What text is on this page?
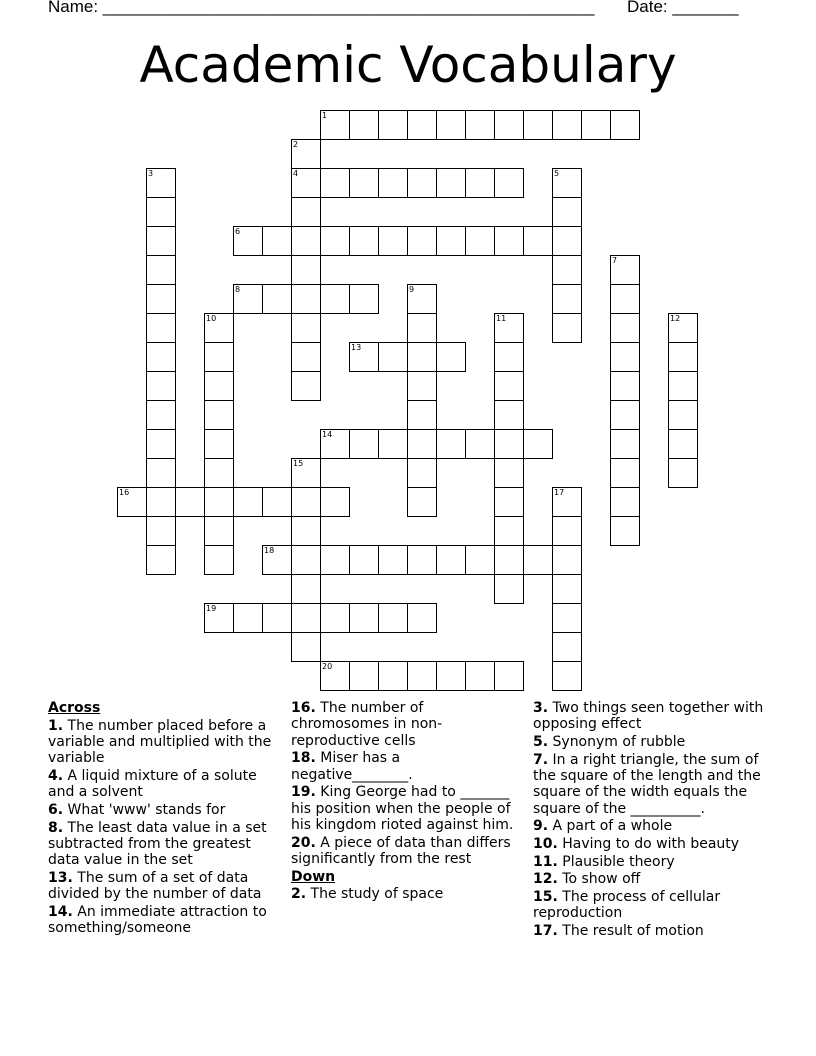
Name: ____________________________________________________ Date: _______
Academic Vocabulary
1
2
4
3	5
6
7
8	9
10	11	12
13
14
15
16	17
18
19
20
Across
1. The number placed before a variable and multiplied with the variable
4. A liquid mixture of a solute and a solvent
6. What 'www' stands for
8. The least data value in a set subtracted from the greatest data value in the set
13. The sum of a set of data divided by the number of data
14. An immediate attraction to something/someone
16. The number of chromosomes in non-reproductive cells
18. Miser has a negative________.
19. King George had to _______ his position when the people of his kingdom rioted against him.
20. A piece of data than differs significantly from the rest
Down
2. The study of space
3. Two things seen together with opposing effect
5. Synonym of rubble
7. In a right triangle, the sum of the square of the length and the square of the width equals the square of the __________.
9. A part of a whole
10. Having to do with beauty
11. Plausible theory
12. To show off
15. The process of cellular reproduction
17. The result of motion
